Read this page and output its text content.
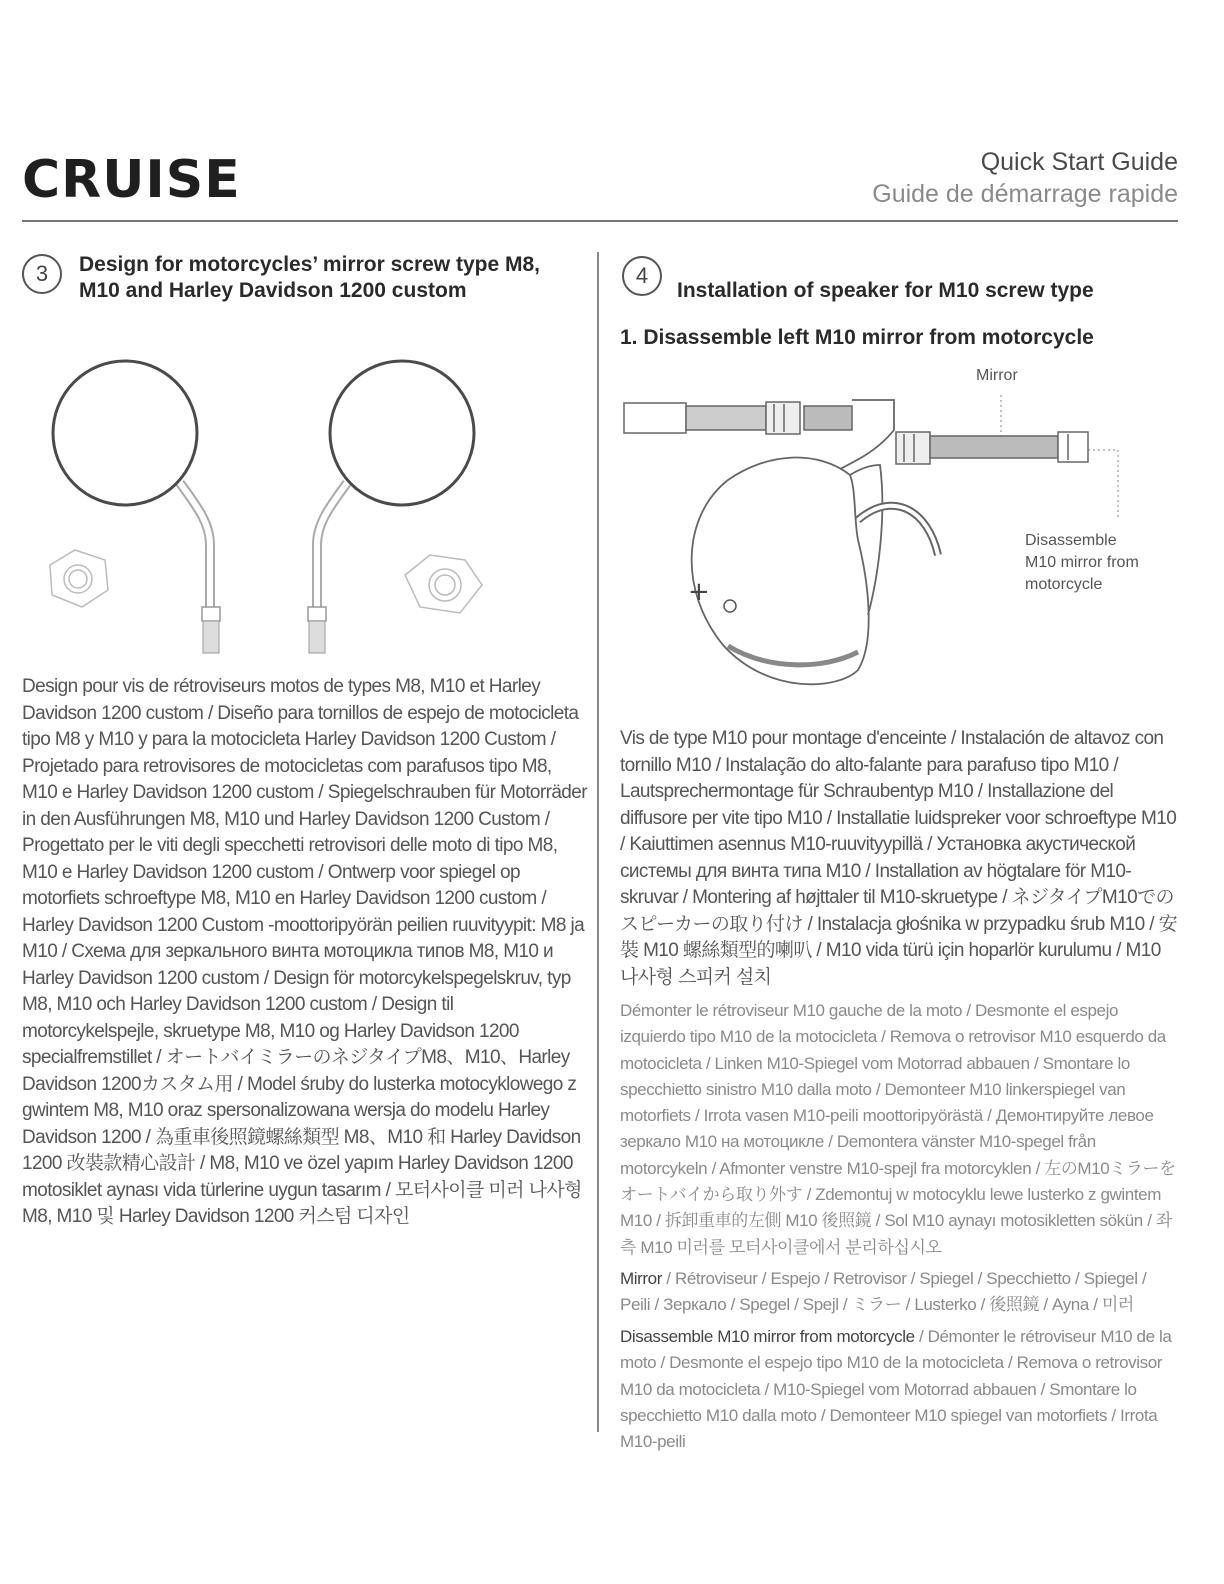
CRUISE	Quick Start Guide
Guide de démarrage rapide
3 Design for motorcycles’ mirror screw type M8,
M10 and Harley Davidson 1200 custom
Design pour vis de rétroviseurs motos de types M8, M10 et Harley Davidson 1200 custom / Diseño para tornillos de espejo de motocicleta tipo M8 y M10 y para la motocicleta Harley Davidson 1200 Custom / Projetado para retrovisores de motocicletas com parafusos tipo M8, M10 e Harley Davidson 1200 custom / Spiegelschrauben für Motorräder in den Ausführungen M8, M10 und Harley Davidson 1200 Custom / Progettato per le viti degli specchetti retrovisori delle moto di tipo M8, M10 e Harley Davidson 1200 custom / Ontwerp voor spiegel op motorfiets schroeftype M8, M10 en Harley Davidson 1200 custom / Harley Davidson 1200 Custom -moottoripyörän peilien ruuvityypit: M8 ja M10 / Схема для зеркального винта мотоцикла типов M8, M10 и Harley Davidson 1200 custom / Design för motorcykelspegelskruv, typ M8, M10 och Harley Davidson 1200 custom / Design til motorcykelspejle, skruetype M8, M10 og Harley Davidson 1200 specialfremstillet / オートバイミラーのネジタイプM8、M10、Harley Davidson 1200カスタム用 / Model śruby do lusterka motocyklowego z gwintem M8, M10 oraz spersonalizowana wersja do modelu Harley Davidson 1200 / 為重車後照鏡螺絲類型 M8、M10 和 Harley Davidson 1200 改裝款精心設計 / M8, M10 ve özel yapım Harley Davidson 1200 motosiklet aynası vida türlerine uygun tasarım / 모터사이클 미러 나사형 M8, M10 및 Harley Davidson 1200 커스텀 디자인
4
Installation of speaker for M10 screw type
1. Disassemble left M10 mirror from motorcycle
+
Mirror
Disassemble
M10 mirror from
motorcycle
Vis de type M10 pour montage d'enceinte / Instalación de altavoz con tornillo M10 / Instalação do alto-falante para parafuso tipo M10 / Lautsprechermontage für Schraubentyp M10 / Installazione del diffusore per vite tipo M10 / Installatie luidspreker voor schroeftype M10 / Kaiuttimen asennus M10-ruuvityypillä / Установка акустической системы для винта типа M10 / Installation av högtalare för M10-skruvar / Montering af højttaler til M10-skruetype / ネジタイプM10でのスピーカーの取り付け / Instalacja głośnika w przypadku śrub M10 / 安裝 M10 螺絲類型的喇叭 / M10 vida türü için hoparlör kurulumu / M10 나사형 스피커 설치
Démonter le rétroviseur M10 gauche de la moto / Desmonte el espejo izquierdo tipo M10 de la motocicleta / Remova o retrovisor M10 esquerdo da motocicleta / Linken M10-Spiegel vom Motorrad abbauen / Smontare lo specchietto sinistro M10 dalla moto / Demonteer M10 linkerspiegel van motorfiets / Irrota vasen M10-peili moottoripyörästä / Демонтируйте левое зеркало M10 на мотоцикле / Demontera vänster M10-spegel från motorcykeln / Afmonter venstre M10-spejl fra motorcyklen / 左のM10ミラーをオートバイから取り外す / Zdemontuj w motocyklu lewe lusterko z gwintem M10 / 拆卸重車的左側 M10 後照鏡 / Sol M10 aynayı motosikletten sökün / 좌측 M10 미러를 모터사이클에서 분리하십시오
Mirror / Rétroviseur / Espejo / Retrovisor / Spiegel / Specchietto / Spiegel / Peili / Зеркало / Spegel / Spejl / ミラー / Lusterko / 後照鏡 / Ayna / 미러
Disassemble M10 mirror from motorcycle / Démonter le rétroviseur M10 de la moto / Desmonte el espejo tipo M10 de la motocicleta / Remova o retrovisor M10 da motocicleta / M10-Spiegel vom Motorrad abbauen / Smontare lo specchietto M10 dalla moto / Demonteer M10 spiegel van motorfiets / Irrota M10-peili
